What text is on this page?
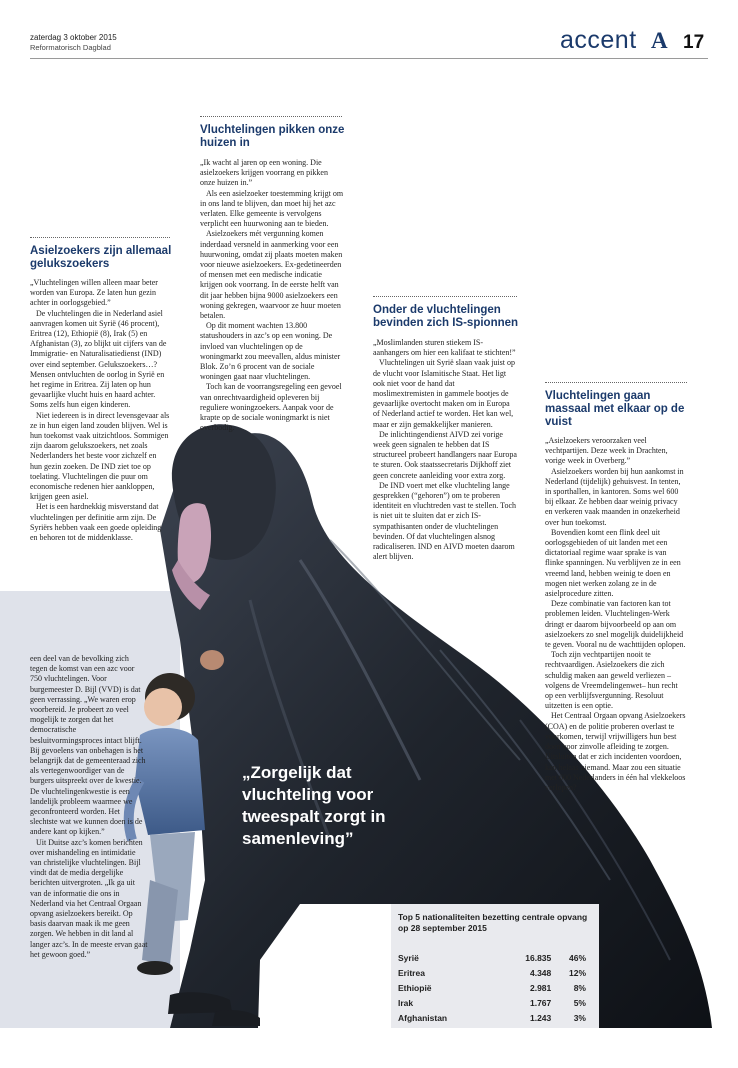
zaterdag 3 oktober 2015
Reformatorisch Dagblad	accent A 17
Asielzoekers zijn allemaal gelukszoekers

„Vluchtelingen willen alleen maar beter worden van Europa. Ze laten hun gezin achter in oorlogsgebied.”

De vluchtelingen die in Nederland asiel aanvragen komen uit Syrië (46 procent), Eritrea (12), Ethiopië (8), Irak (5) en Afghanistan (3), zo blijkt uit cijfers van de Immigratie- en Naturalisatiedienst (IND) over eind september. Gelukszoekers…? Mensen ontvluchten de oorlog in Syrië en het regime in Eritrea. Zij laten op hun gevaarlijke vlucht huis en haard achter. Soms zelfs hun eigen kinderen.

Niet iedereen is in direct levensgevaar als ze in hun eigen land zouden blijven. Wel is hun toekomst vaak uitzichtloos. Sommigen zijn daarom gelukszoekers, net zoals Nederlanders het beste voor zichzelf en hun gezin zoeken. De IND ziet toe op toelating. Vluchtelingen die puur om economische redenen hier aankloppen, krijgen geen asiel.

Het is een hardnekkig misverstand dat vluchtelingen per definitie arm zijn. De Syriërs hebben vaak een goede opleiding en behoren tot de middenklasse.

Vluchtelingen pikken onze huizen in

„Ik wacht al jaren op een woning. Die asielzoekers krijgen voorrang en pikken onze huizen in.”

Als een asielzoeker toestemming krijgt om in ons land te blijven, dan moet hij het azc verlaten. Elke gemeente is vervolgens verplicht een huurwoning aan te bieden.

Asielzoekers mét vergunning komen inderdaad versneld in aanmerking voor een huurwoning, omdat zij plaats moeten maken voor nieuwe asielzoekers. Ex-gedetineerden of mensen met een medische indicatie krijgen ook voorrang. In de eerste helft van dit jaar hebben bijna 9000 asielzoekers een woning gekregen, waarvoor ze huur moeten betalen.

Op dit moment wachten 13.800 statushouders in azc’s op een woning. De invloed van vluchtelingen op de woningmarkt zou meevallen, aldus minister Blok. Zo’n 6 procent van de sociale woningen gaat naar vluchtelingen.

Toch kan de voorrangsregeling een gevoel van onrechtvaardigheid opleveren bij reguliere woningzoekers. Aanpak voor de krapte op de sociale woningmarkt is niet overbodig.

Onder de vluchtelingen bevinden zich IS-spionnen

„Moslimlanden sturen stiekem IS-aanhangers om hier een kalifaat te stichten!”

Vluchtelingen uit Syrië slaan vaak juist op de vlucht voor Islamitische Staat. Het ligt ook niet voor de hand dat moslimextremisten in gammele bootjes de gevaarlijke overtocht maken om in Europa of Nederland actief te worden. Het kan wel, maar er zijn gemakkelijker manieren.

De inlichtingendienst AIVD zei vorige week geen signalen te hebben dat IS structureel probeert handlangers naar Europa te sturen. Ook staatssecretaris Dijkhoff ziet geen concrete aanleiding voor extra zorg.

De IND voert met elke vluchteling lange gesprekken (“gehoren”) om te proberen identiteit en vluchtreden vast te stellen. Toch is niet uit te sluiten dat er zich IS-sympathisanten onder de vluchtelingen bevinden. Of dat vluchtelingen alsnog radicaliseren. IND en AIVD moeten daarom alert blijven.

Vluchtelingen gaan massaal met elkaar op de vuist

„Asielzoekers veroorzaken veel vechtpartijen. Deze week in Drachten, vorige week in Overberg.”

Asielzoekers worden bij hun aankomst in Nederland (tijdelijk) gehuisvest. In tenten, in sporthallen, in kantoren. Soms wel 600 bij elkaar. Ze hebben daar weinig privacy en verkeren vaak maanden in onzekerheid over hun toekomst.

Bovendien komt een flink deel uit oorlogsgebieden of uit landen met een dictatoriaal regime waar sprake is van flinke spanningen. Nu verblijven ze in een vreemd land, hebben weinig te doen en mogen niet werken zolang ze in de asielprocedure zitten.

Deze combinatie van factoren kan tot problemen leiden. Vluchtelingen-Werk dringt er daarom bijvoorbeeld op aan om asielzoekers zo snel mogelijk duidelijkheid te geven. Vooral nu de wachttijden oplopen.

Toch zijn vechtpartijen nooit te rechtvaardigen. Asielzoekers die zich schuldig maken aan geweld verliezen –volgens de Vreemdelingenwet– hun recht op een verblijfsvergunning. Resoluut uitzetten is een optie.

Het Centraal Orgaan opvang Asielzoekers (COA) en de politie proberen overlast te voorkomen, terwijl vrijwilligers hun best doen voor zinvolle afleiding te zorgen. Uitsluiten dat er zich incidenten voordoen, kan helaas niemand. Maar zou een situatie met 600 Nederlanders in één hal vlekkeloos verlopen?

een deel van de bevolking zich tegen de komst van een azc voor 750 vluchtelingen. Voor burgemeester D. Bijl (VVD) is dat geen verrassing. „We waren erop voorbereid. Je probeert zo veel mogelijk te zorgen dat het democratische besluitvormingsproces intact blijft. Bij gevoelens van onbehagen is het belangrijk dat de gemeenteraad zich als vertegenwoordiger van de burgers uitspreekt over de kwestie. De vluchtelingenkwestie is een landelijk probleem waarmee we geconfronteerd worden. Het slechtste wat we kunnen doen is de andere kant op kijken.”

Uit Duitse azc’s komen berichten over mishandeling en intimidatie van christelijke vluchtelingen. Bijl vindt dat de media dergelijke berichten uitvergroten. „Ik ga uit van de informatie die ons in Nederland via het Centraal Orgaan opvang asielzoekers bereikt. Op basis daarvan maak ik me geen zorgen. We hebben in dit land al langer azc’s. In de meeste ervan gaat het gewoon goed.”

„Zorgelijk dat vluchteling voor tweespalt zorgt in samenleving”
Top 5 nationaliteiten bezetting centrale opvang op 28 september 2015
Syrië	16.835	46%
Eritrea	4.348	12%
Ethiopië	2.981	8%
Irak	1.767	5%
Afghanistan	1.243	3%
